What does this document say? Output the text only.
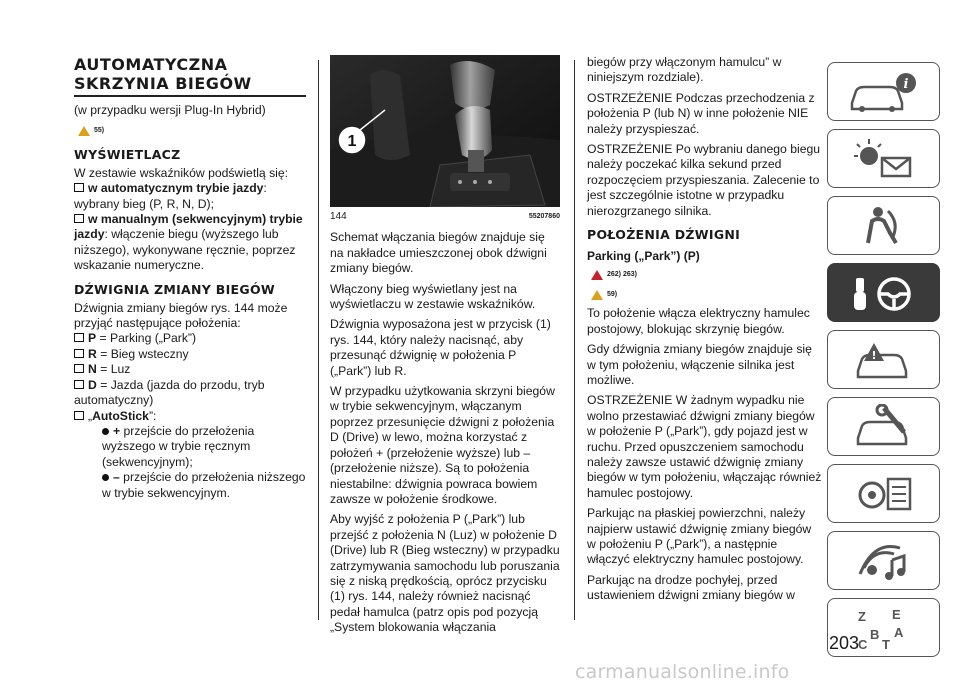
AUTOMATYCZNA
SKRZYNIA BIEGÓW

(w przypadku wersji Plug-In Hybrid)

55)
WYŚWIETLACZ

W zestawie wskaźników podświetlą się:

w automatycznym trybie jazdy: wybrany bieg (P, R, N, D);

w manualnym (sekwencyjnym) trybie jazdy: włączenie biegu (wyższego lub niższego), wykonywane ręcznie, poprzez wskazanie numeryczne.

DŹWIGNIA ZMIANY BIEGÓW

Dźwignia zmiany biegów rys. 144 może przyjąć następujące położenia:

P = Parking („Park”)

R = Bieg wsteczny

N = Luz

D = Jazda (jazda do przodu, tryb automatyczny)

„AutoStick”:

+ przejście do przełożenia wyższego w trybie ręcznym (sekwencyjnym);

– przejście do przełożenia niższego w trybie sekwencyjnym.

1
144	55207860

Schemat włączania biegów znajduje się na nakładce umieszczonej obok dźwigni zmiany biegów.

Włączony bieg wyświetlany jest na wyświetlaczu w zestawie wskaźników.

Dźwignia wyposażona jest w przycisk (1) rys. 144, który należy nacisnąć, aby przesunąć dźwignię w położenia P („Park”) lub R.

W przypadku użytkowania skrzyni biegów w trybie sekwencyjnym, włączanym poprzez przesunięcie dźwigni z położenia D (Drive) w lewo, można korzystać z położeń + (przełożenie wyższe) lub – (przełożenie niższe). Są to położenia niestabilne: dźwignia powraca bowiem zawsze w położenie środkowe.

Aby wyjść z położenia P („Park”) lub przejść z położenia N (Luz) w położenie D (Drive) lub R (Bieg wsteczny) w przypadku zatrzymywania samochodu lub poruszania się z niską prędkością, oprócz przycisku (1) rys. 144, należy również nacisnąć pedał hamulca (patrz opis pod pozycją „System blokowania włączania

biegów przy włączonym hamulcu” w niniejszym rozdziale).

OSTRZEŻENIE Podczas przechodzenia z położenia P (lub N) w inne położenie NIE należy przyspieszać.

OSTRZEŻENIE Po wybraniu danego biegu należy poczekać kilka sekund przed rozpoczęciem przyspieszania. Zalecenie to jest szczególnie istotne w przypadku nierozgrzanego silnika.

POŁOŻENIA DŹWIGNI
Parking („Park”) (P)
262) 263)
59)

To położenie włącza elektryczny hamulec postojowy, blokując skrzynię biegów.

Gdy dźwignia zmiany biegów znajduje się w tym położeniu, włączenie silnika jest możliwe.

OSTRZEŻENIE W żadnym wypadku nie wolno przestawiać dźwigni zmiany biegów w położenie P („Park”), gdy pojazd jest w ruchu. Przed opuszczeniem samochodu należy zawsze ustawić dźwignię zmiany biegów w tym położeniu, włączając również hamulec postojowy.

Parkując na płaskiej powierzchni, należy najpierw ustawić dźwignię zmiany biegów w położeniu P („Park”), a następnie włączyć elektryczny hamulec postojowy.

Parkując na drodze pochyłej, przed ustawieniem dźwigni zmiany biegów w

i
!
Z E
B A
C T
203
carmanualsonline.info
